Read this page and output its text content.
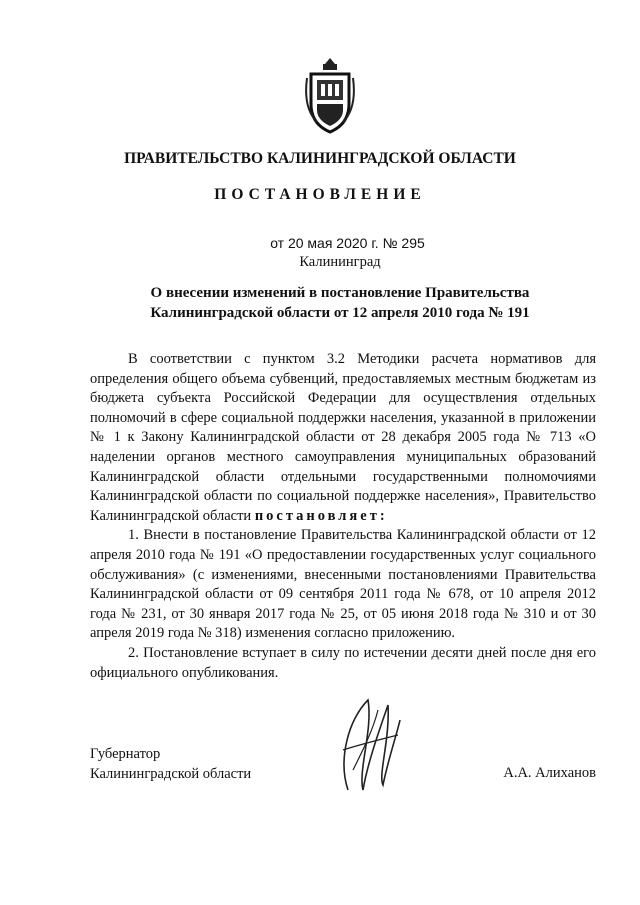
ПРАВИТЕЛЬСТВО КАЛИНИНГРАДСКОЙ ОБЛАСТИ
ПОСТАНОВЛЕНИЕ
от 20 мая 2020 г. № 295
Калининград
О внесении изменений в постановление Правительства
Калининградской области от 12 апреля 2010 года № 191

В соответствии с пунктом 3.2 Методики расчета нормативов для определения общего объема субвенций, предоставляемых местным бюджетам из бюджета субъекта Российской Федерации для осуществления отдельных полномочий в сфере социальной поддержки населения, указанной в приложении № 1 к Закону Калининградской области от 28 декабря 2005 года № 713 «О наделении органов местного самоуправления муниципальных образований Калининградской области отдельными государственными полномочиями Калининградской области по социальной поддержке населения», Правительство Калининградской области постановляет:

1. Внести в постановление Правительства Калининградской области от 12 апреля 2010 года № 191 «О предоставлении государственных услуг социального обслуживания» (с изменениями, внесенными постановлениями Правительства Калининградской области от 09 сентября 2011 года № 678, от 10 апреля 2012 года № 231, от 30 января 2017 года № 25, от 05 июня 2018 года № 310 и от 30 апреля 2019 года № 318) изменения согласно приложению.

2. Постановление вступает в силу по истечении десяти дней после дня его официального опубликования.

Губернатор
Калининградской области	А.А. Алиханов
